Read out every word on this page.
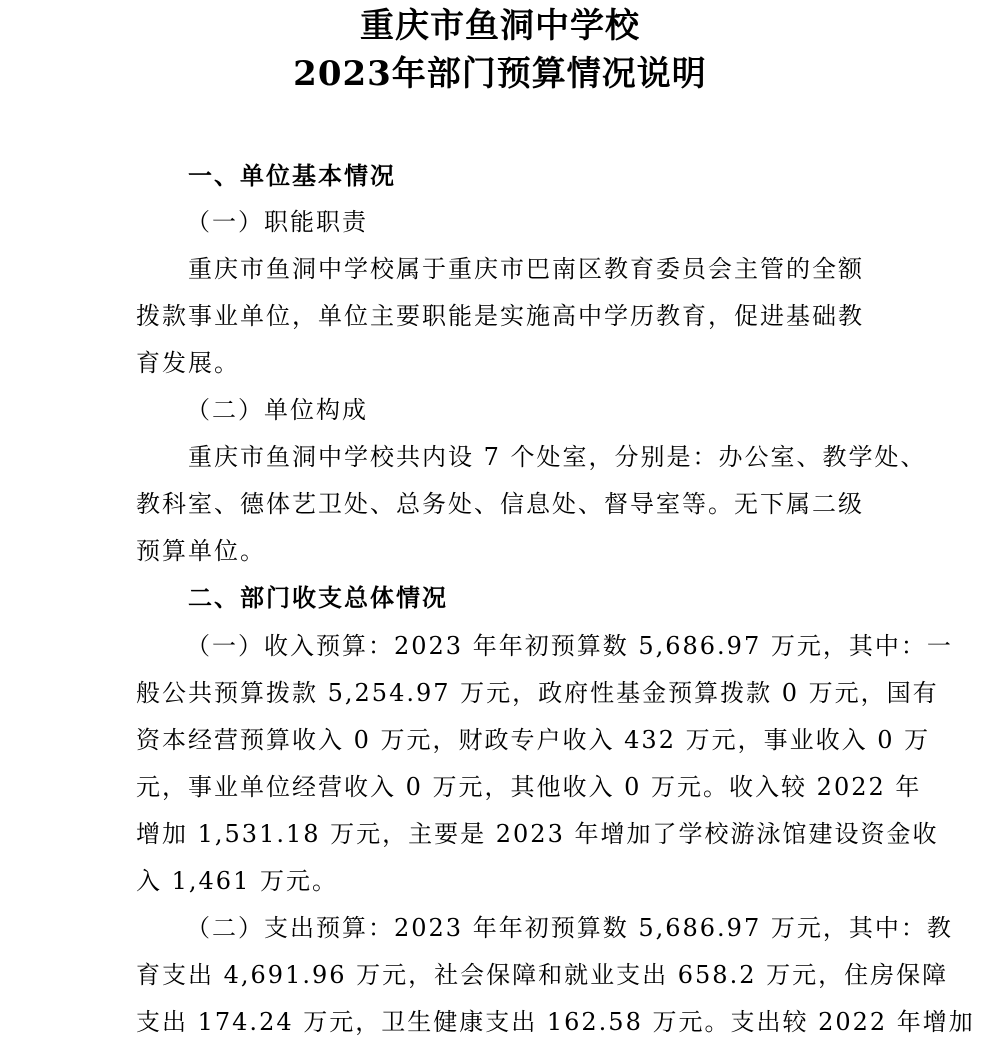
重庆市鱼洞中学校
2023年部门预算情况说明
一、单位基本情况
（一）职能职责
重庆市鱼洞中学校属于重庆市巴南区教育委员会主管的全额
拨款事业单位，单位主要职能是实施高中学历教育，促进基础教
育发展。
（二）单位构成
重庆市鱼洞中学校共内设 7 个处室，分别是：办公室、教学处、
教科室、德体艺卫处、总务处、信息处、督导室等。无下属二级
预算单位。
二、部门收支总体情况
（一）收入预算：2023 年年初预算数 5,686.97 万元，其中：一
般公共预算拨款 5,254.97 万元，政府性基金预算拨款 0 万元，国有
资本经营预算收入 0 万元，财政专户收入 432 万元，事业收入 0 万
元，事业单位经营收入 0 万元，其他收入 0 万元。收入较 2022 年
增加 1,531.18 万元，主要是 2023 年增加了学校游泳馆建设资金收
入 1,461 万元。
（二）支出预算：2023 年年初预算数 5,686.97 万元，其中：教
育支出 4,691.96 万元，社会保障和就业支出 658.2 万元，住房保障
支出 174.24 万元，卫生健康支出 162.58 万元。支出较 2022 年增加
